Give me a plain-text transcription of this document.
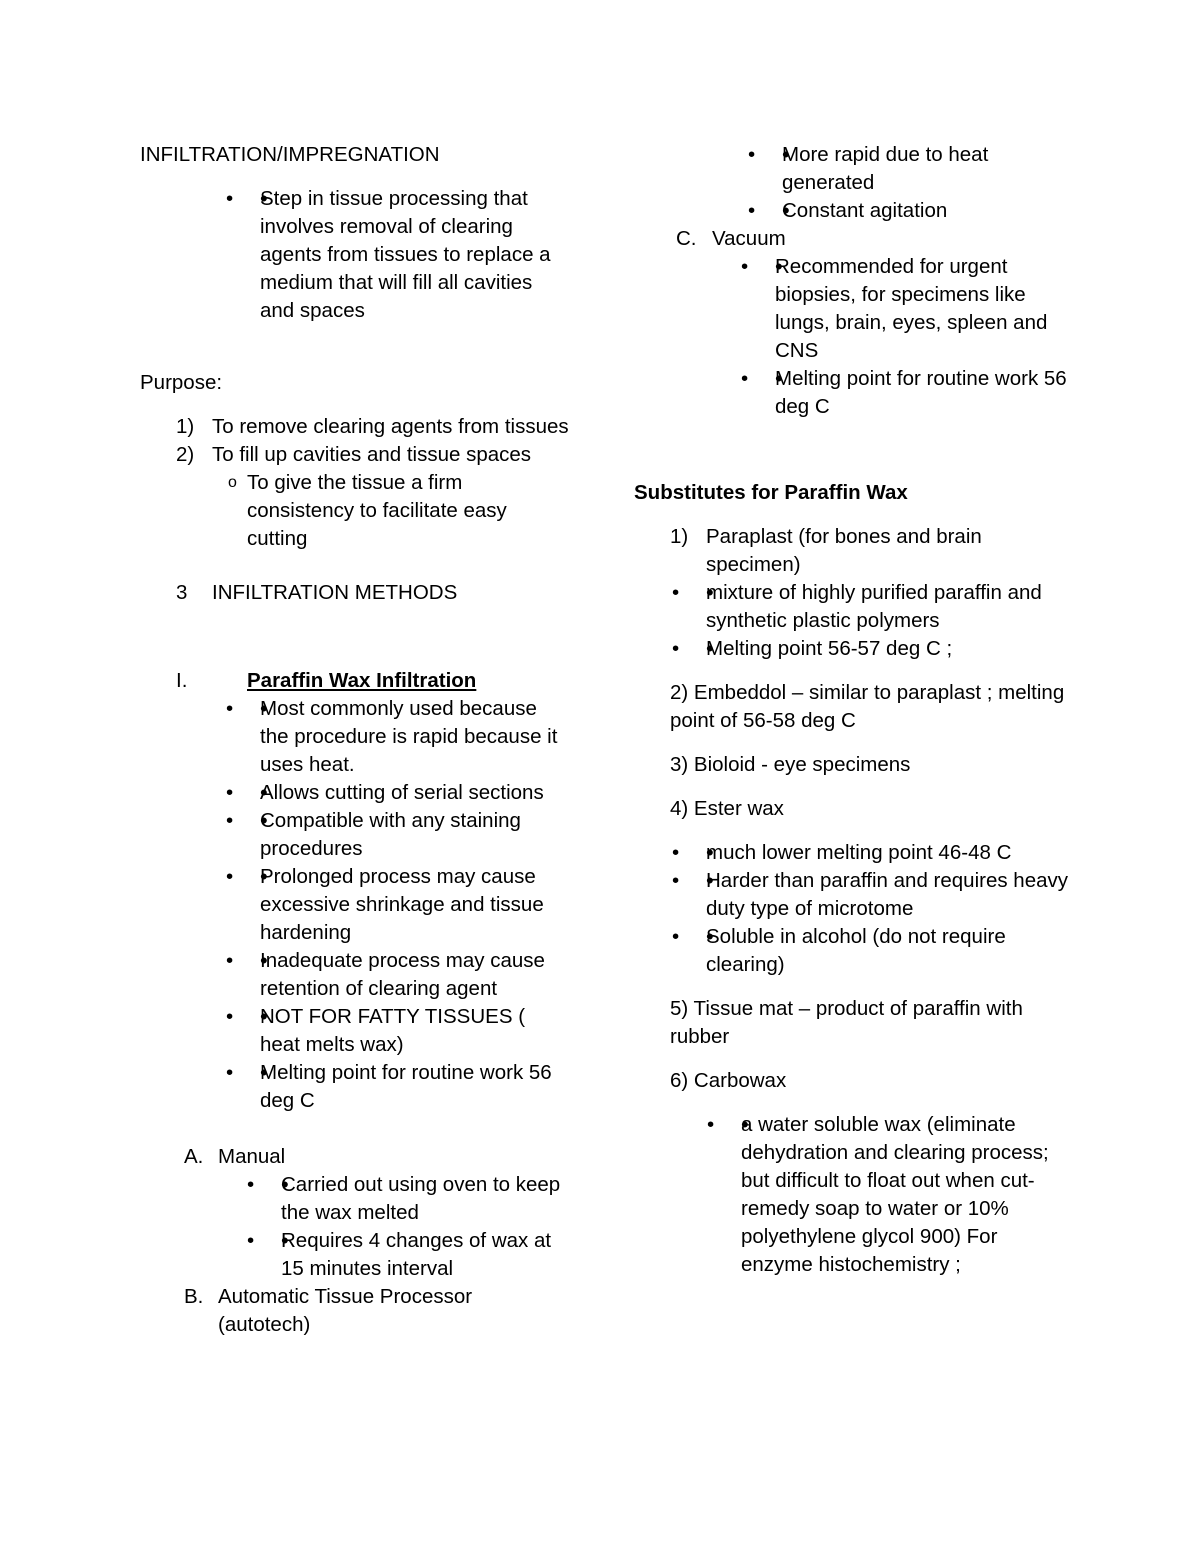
INFILTRATION/IMPREGNATION

• • Step in tissue processing that involves removal of clearing agents from tissues to replace a medium that will fill all cavities and spaces

Purpose:

1) To remove clearing agents from tissues
2) To fill up cavities and tissue spaces
o To give the tissue a firm consistency to facilitate easy cutting

3 INFILTRATION METHODS

I.	Paraffin Wax Infiltration

• • Most commonly used because the procedure is rapid because it uses heat.
• • Allows cutting of serial sections
• • Compatible with any staining procedures
• • Prolonged process may cause excessive shrinkage and tissue hardening
• • Inadequate process may cause retention of clearing agent
• • NOT FOR FATTY TISSUES ( heat melts wax)
• • Melting point for routine work 56 deg C

A. Manual

• • Carried out using oven to keep the wax melted
• • Requires 4 changes of wax at 15 minutes interval

B. Automatic Tissue Processor (autotech)

• • More rapid due to heat generated
• • Constant agitation

C. Vacuum

• • Recommended for urgent biopsies, for specimens like lungs, brain, eyes, spleen and CNS
• • Melting point for routine work 56 deg C

Substitutes for Paraffin Wax

1) Paraplast (for bones and brain specimen)

• • mixture of highly purified paraffin and synthetic plastic polymers
• • Melting point 56-57 deg C ;

2) Embeddol – similar to paraplast ; melting point of 56-58 deg C

3) Bioloid - eye specimens

4) Ester wax

• • much lower melting point 46-48 C
• • Harder than paraffin and requires heavy duty type of microtome
• • Soluble in alcohol (do not require clearing)

5) Tissue mat – product of paraffin with rubber

6) Carbowax

• • a water soluble wax (eliminate dehydration and clearing process; but difficult to float out when cut- remedy soap to water or 10% polyethylene glycol 900) For enzyme histochemistry ;
